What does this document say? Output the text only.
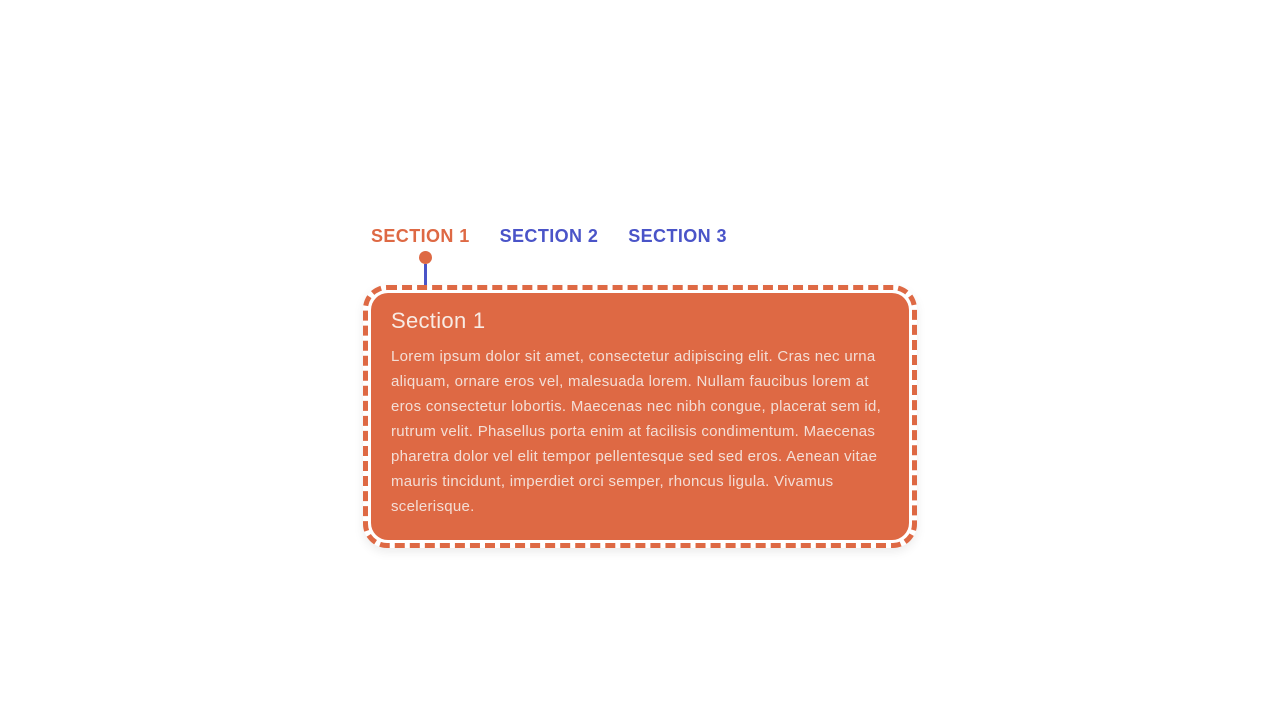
SECTION 1 SECTION 2 SECTION 3
Section 1

Lorem ipsum dolor sit amet, consectetur adipiscing elit. Cras nec urna aliquam, ornare eros vel, malesuada lorem. Nullam faucibus lorem at eros consectetur lobortis. Maecenas nec nibh congue, placerat sem id, rutrum velit. Phasellus porta enim at facilisis condimentum. Maecenas pharetra dolor vel elit tempor pellentesque sed sed eros. Aenean vitae mauris tincidunt, imperdiet orci semper, rhoncus ligula. Vivamus scelerisque.
